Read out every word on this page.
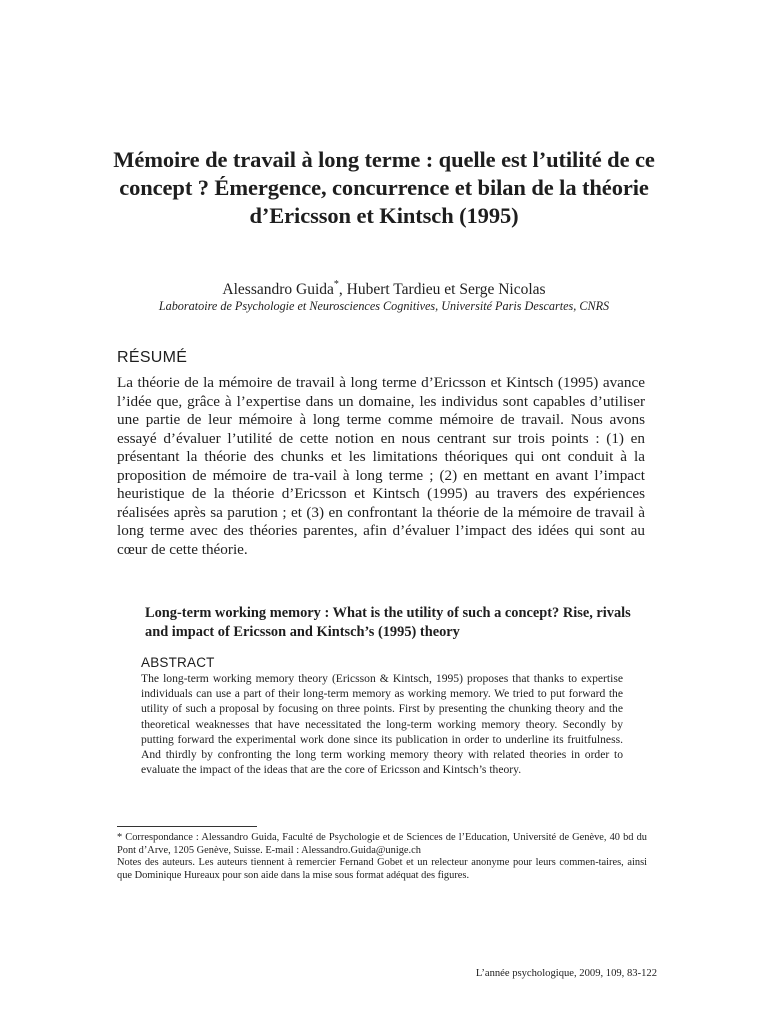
Mémoire de travail à long terme : quelle est l’utilité de ce concept ? Émergence, concurrence et bilan de la théorie d’Ericsson et Kintsch (1995)
Alessandro Guida*, Hubert Tardieu et Serge Nicolas
Laboratoire de Psychologie et Neurosciences Cognitives, Université Paris Descartes, CNRS
RÉSUMÉ
La théorie de la mémoire de travail à long terme d’Ericsson et Kintsch (1995) avance l’idée que, grâce à l’expertise dans un domaine, les individus sont capables d’utiliser une partie de leur mémoire à long terme comme mémoire de travail. Nous avons essayé d’évaluer l’utilité de cette notion en nous centrant sur trois points : (1) en présentant la théorie des chunks et les limitations théoriques qui ont conduit à la proposition de mémoire de tra-vail à long terme ; (2) en mettant en avant l’impact heuristique de la théorie d’Ericsson et Kintsch (1995) au travers des expériences réalisées après sa parution ; et (3) en confrontant la théorie de la mémoire de travail à long terme avec des théories parentes, afin d’évaluer l’impact des idées qui sont au cœur de cette théorie.
Long-term working memory : What is the utility of such a concept? Rise, rivals and impact of Ericsson and Kintsch’s (1995) theory
ABSTRACT
The long-term working memory theory (Ericsson & Kintsch, 1995) proposes that thanks to expertise individuals can use a part of their long-term memory as working memory. We tried to put forward the utility of such a proposal by focusing on three points. First by presenting the chunking theory and the theoretical weaknesses that have necessitated the long-term working memory theory. Secondly by putting forward the experimental work done since its publication in order to underline its fruitfulness. And thirdly by confronting the long term working memory theory with related theories in order to evaluate the impact of the ideas that are the core of Ericsson and Kintsch’s theory.

* Correspondance : Alessandro Guida, Faculté de Psychologie et de Sciences de l’Education, Université de Genève, 40 bd du Pont d’Arve, 1205 Genève, Suisse. E-mail : Alessandro.Guida@unige.ch

Notes des auteurs. Les auteurs tiennent à remercier Fernand Gobet et un relecteur anonyme pour leurs commen-taires, ainsi que Dominique Hureaux pour son aide dans la mise sous format adéquat des figures.

L’année psychologique, 2009, 109, 83-122
